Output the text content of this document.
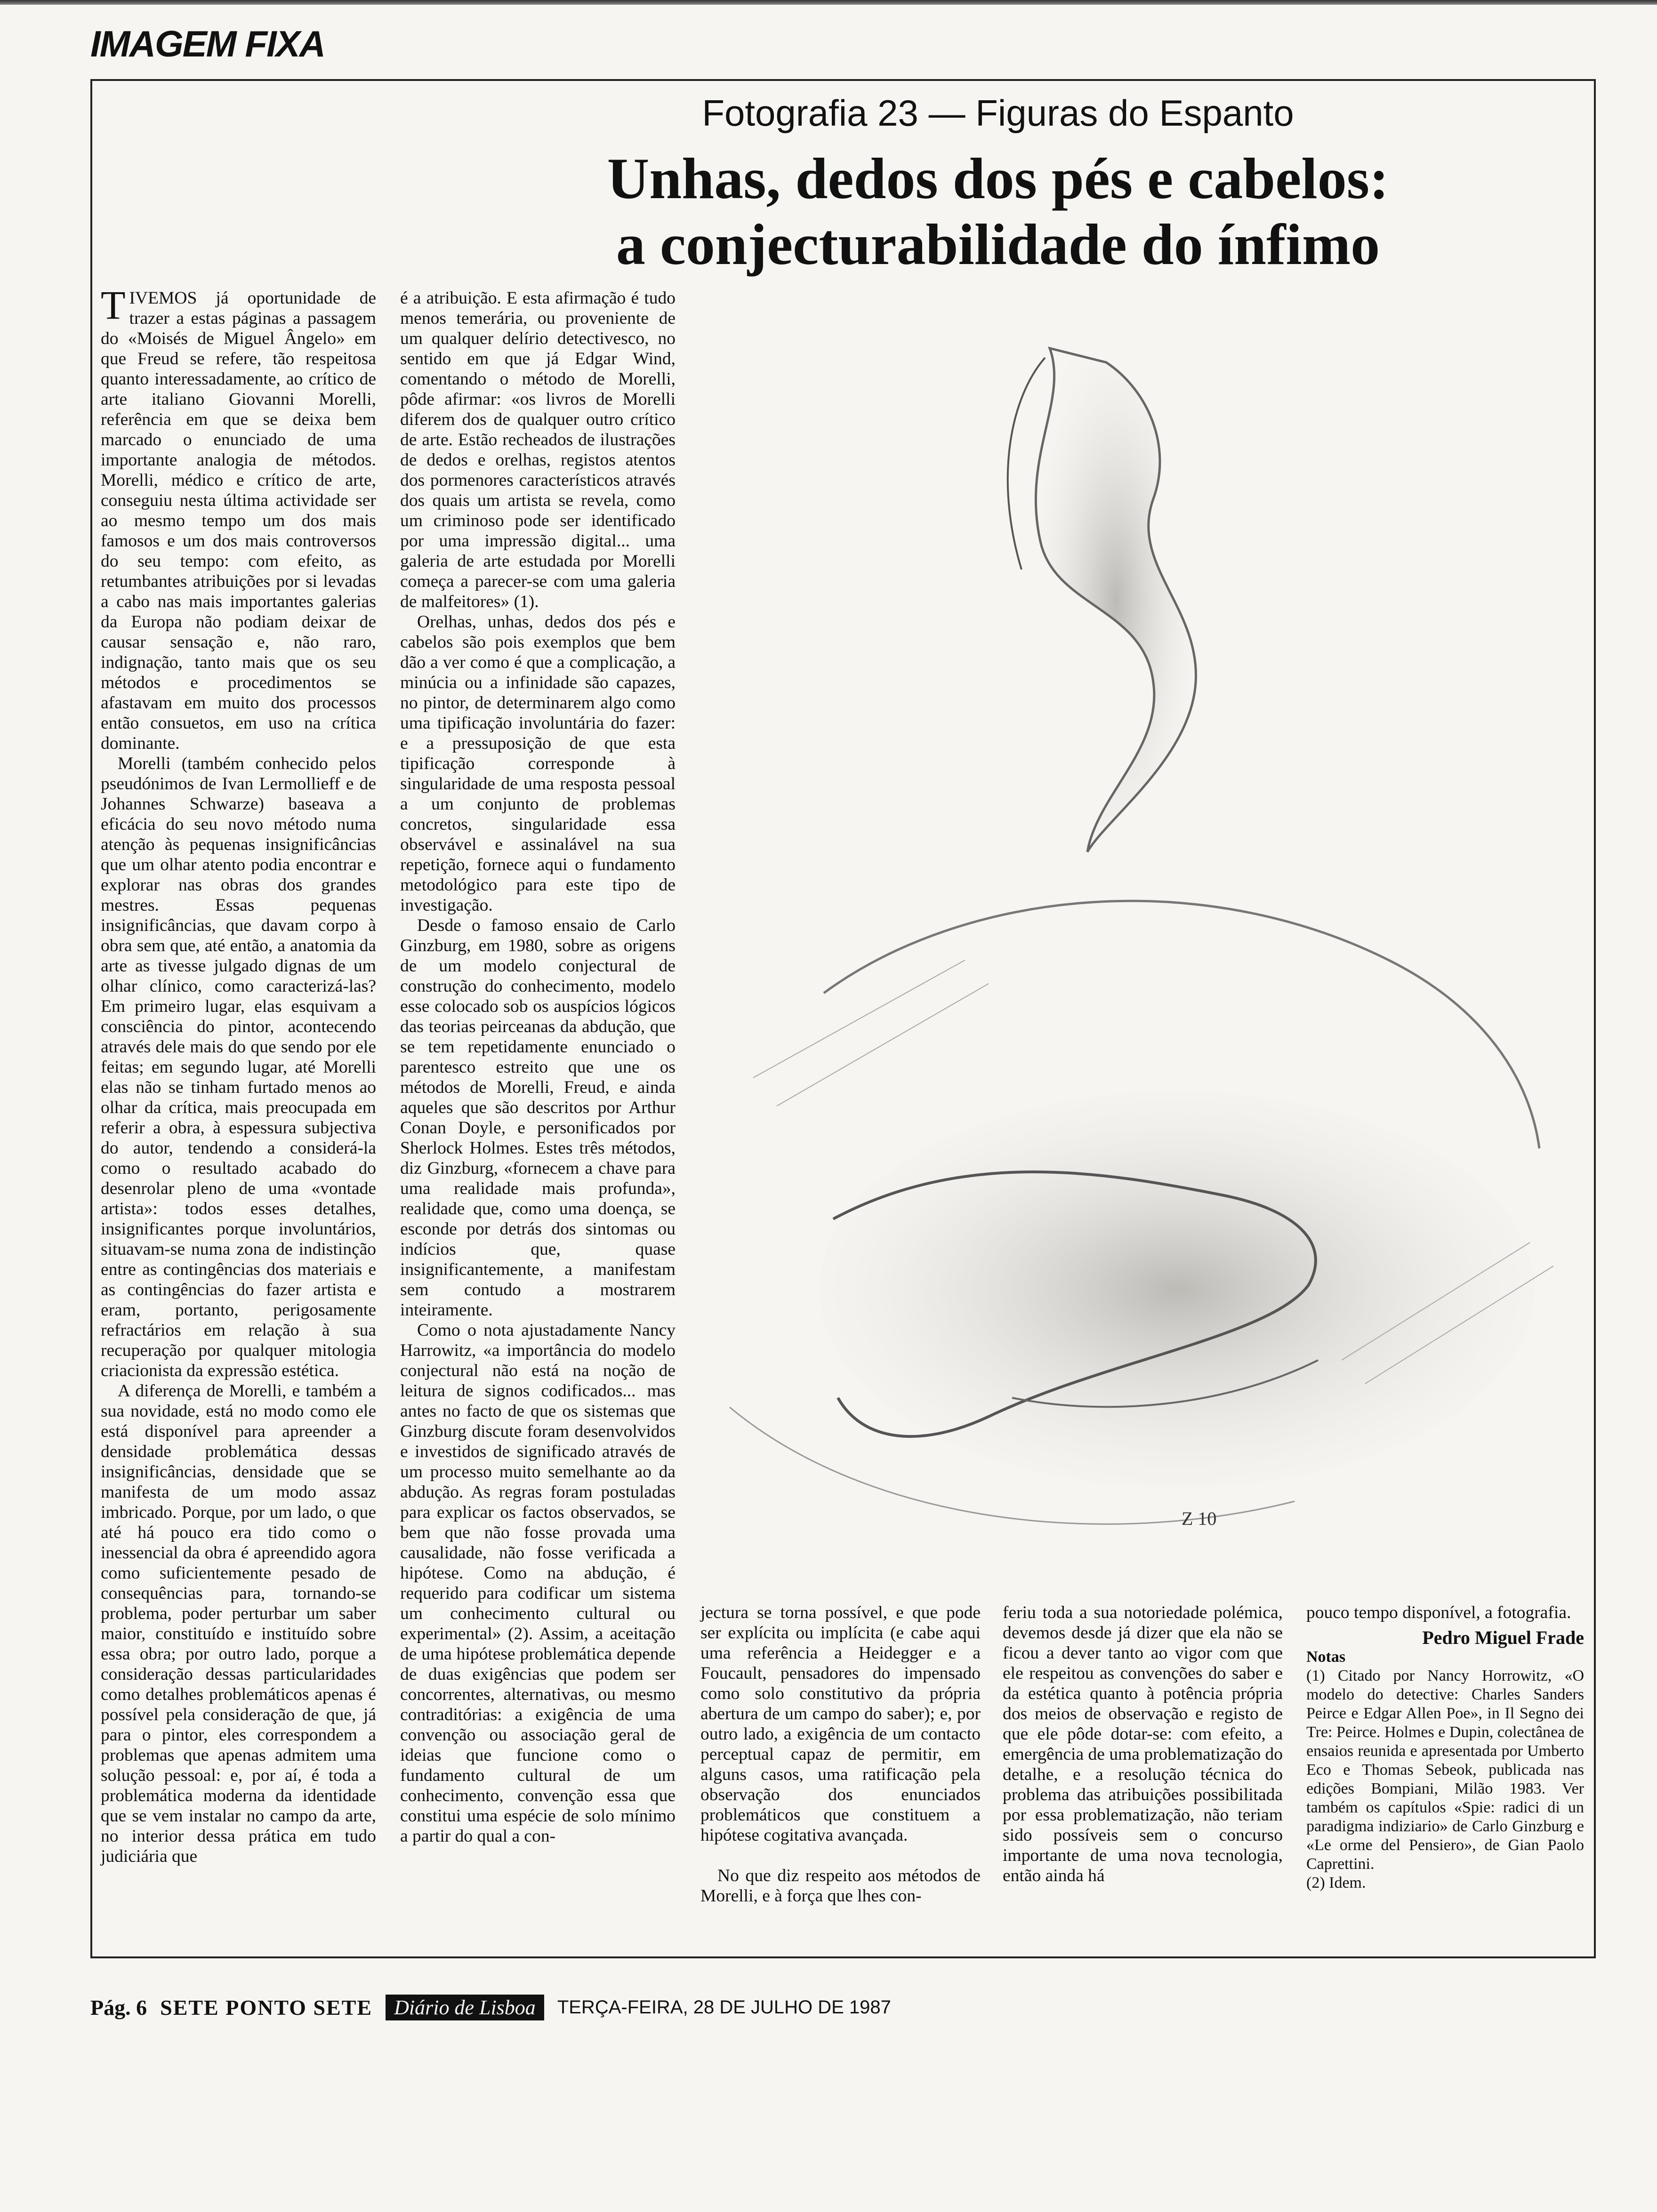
IMAGEM FIXA
Fotografia 23 — Figuras do Espanto
Unhas, dedos dos pés e cabelos:
a conjecturabilidade do ínfimo

TIVEMOS já oportunidade de trazer a estas páginas a passagem do «Moisés de Miguel Ângelo» em que Freud se refere, tão respeitosa quanto interessadamente, ao crítico de arte italiano Giovanni Morelli, referência em que se deixa bem marcado o enunciado de uma importante analogia de métodos. Morelli, médico e crítico de arte, conseguiu nesta última actividade ser ao mesmo tempo um dos mais famosos e um dos mais controversos do seu tempo: com efeito, as retumbantes atribuições por si levadas a cabo nas mais importantes galerias da Europa não podiam deixar de causar sensação e, não raro, indignação, tanto mais que os seu métodos e procedimentos se afastavam em muito dos processos então consuetos, em uso na crítica dominante.

Morelli (também conhecido pelos pseudónimos de Ivan Lermollieff e de Johannes Schwarze) baseava a eficácia do seu novo método numa atenção às pequenas insignificâncias que um olhar atento podia encontrar e explorar nas obras dos grandes mestres. Essas pequenas insignificâncias, que davam corpo à obra sem que, até então, a anatomia da arte as tivesse julgado dignas de um olhar clínico, como caracterizá-las? Em primeiro lugar, elas esquivam a consciência do pintor, acontecendo através dele mais do que sendo por ele feitas; em segundo lugar, até Morelli elas não se tinham furtado menos ao olhar da crítica, mais preocupada em referir a obra, à espessura subjectiva do autor, tendendo a considerá-la como o resultado acabado do desenrolar pleno de uma «vontade artista»: todos esses detalhes, insignificantes porque involuntários, situavam-se numa zona de indistinção entre as contingências dos materiais e as contingências do fazer artista e eram, portanto, perigosamente refractários em relação à sua recuperação por qualquer mitologia criacionista da expressão estética.

A diferença de Morelli, e também a sua novidade, está no modo como ele está disponível para apreender a densidade problemática dessas insignificâncias, densidade que se manifesta de um modo assaz imbricado. Porque, por um lado, o que até há pouco era tido como o inessencial da obra é apreendido agora como suficientemente pesado de consequências para, tornando-se problema, poder perturbar um saber maior, constituído e instituído sobre essa obra; por outro lado, porque a consideração dessas particularidades como detalhes problemáticos apenas é possível pela consideração de que, já para o pintor, eles correspondem a problemas que apenas admitem uma solução pessoal: e, por aí, é toda a problemática moderna da identidade que se vem instalar no campo da arte, no interior dessa prática em tudo judiciária que

é a atribuição. E esta afirmação é tudo menos temerária, ou proveniente de um qualquer delírio detectivesco, no sentido em que já Edgar Wind, comentando o método de Morelli, pôde afirmar: «os livros de Morelli diferem dos de qualquer outro crítico de arte. Estão recheados de ilustrações de dedos e orelhas, registos atentos dos pormenores característicos através dos quais um artista se revela, como um criminoso pode ser identificado por uma impressão digital... uma galeria de arte estudada por Morelli começa a parecer-se com uma galeria de malfeitores» (1).

Orelhas, unhas, dedos dos pés e cabelos são pois exemplos que bem dão a ver como é que a complicação, a minúcia ou a infinidade são capazes, no pintor, de determinarem algo como uma tipificação involuntária do fazer: e a pressuposição de que esta tipificação corresponde à singularidade de uma resposta pessoal a um conjunto de problemas concretos, singularidade essa observável e assinalável na sua repetição, fornece aqui o fundamento metodológico para este tipo de investigação.

Desde o famoso ensaio de Carlo Ginzburg, em 1980, sobre as origens de um modelo conjectural de construção do conhecimento, modelo esse colocado sob os auspícios lógicos das teorias peirceanas da abdução, que se tem repetidamente enunciado o parentesco estreito que une os métodos de Morelli, Freud, e ainda aqueles que são descritos por Arthur Conan Doyle, e personificados por Sherlock Holmes. Estes três métodos, diz Ginzburg, «fornecem a chave para uma realidade mais profunda», realidade que, como uma doença, se esconde por detrás dos sintomas ou indícios que, quase insignificantemente, a manifestam sem contudo a mostrarem inteiramente.

Como o nota ajustadamente Nancy Harrowitz, «a importância do modelo conjectural não está na noção de leitura de signos codificados... mas antes no facto de que os sistemas que Ginzburg discute foram desenvolvidos e investidos de significado através de um processo muito semelhante ao da abdução. As regras foram postuladas para explicar os factos observados, se bem que não fosse provada uma causalidade, não fosse verificada a hipótese. Como na abdução, é requerido para codificar um sistema um conhecimento cultural ou experimental» (2). Assim, a aceitação de uma hipótese problemática depende de duas exigências que podem ser concorrentes, alternativas, ou mesmo contraditórias: a exigência de uma convenção ou associação geral de ideias que funcione como o fundamento cultural de um conhecimento, convenção essa que constitui uma espécie de solo mínimo a partir do qual a con-

Z 10

jectura se torna possível, e que pode ser explícita ou implícita (e cabe aqui uma referência a Heidegger e a Foucault, pensadores do impensado como solo constitutivo da própria abertura de um campo do saber); e, por outro lado, a exigência de um contacto perceptual capaz de permitir, em alguns casos, uma ratificação pela observação dos enunciados problemáticos que constituem a hipótese cogitativa avançada.

No que diz respeito aos métodos de Morelli, e à força que lhes con-

feriu toda a sua notoriedade polémica, devemos desde já dizer que ela não se ficou a dever tanto ao vigor com que ele respeitou as convenções do saber e da estética quanto à potência própria dos meios de observação e registo de que ele pôde dotar-se: com efeito, a emergência de uma problematização do detalhe, e a resolução técnica do problema das atribuições possibilitada por essa problematização, não teriam sido possíveis sem o concurso importante de uma nova tecnologia, então ainda há

pouco tempo disponível, a fotografia.

Pedro Miguel Frade

Notas

(1) Citado por Nancy Horrowitz, «O modelo do detective: Charles Sanders Peirce e Edgar Allen Poe», in Il Segno dei Tre: Peirce. Holmes e Dupin, colectânea de ensaios reunida e apresentada por Umberto Eco e Thomas Sebeok, publicada nas edições Bompiani, Milão 1983. Ver também os capítulos «Spie: radici di un paradigma indiziario» de Carlo Ginzburg e «Le orme del Pensiero», de Gian Paolo Caprettini.

(2) Idem.

Pág. 6 SETE PONTO SETE	Diário de Lisboa	TERÇA-FEIRA, 28 DE JULHO DE 1987
